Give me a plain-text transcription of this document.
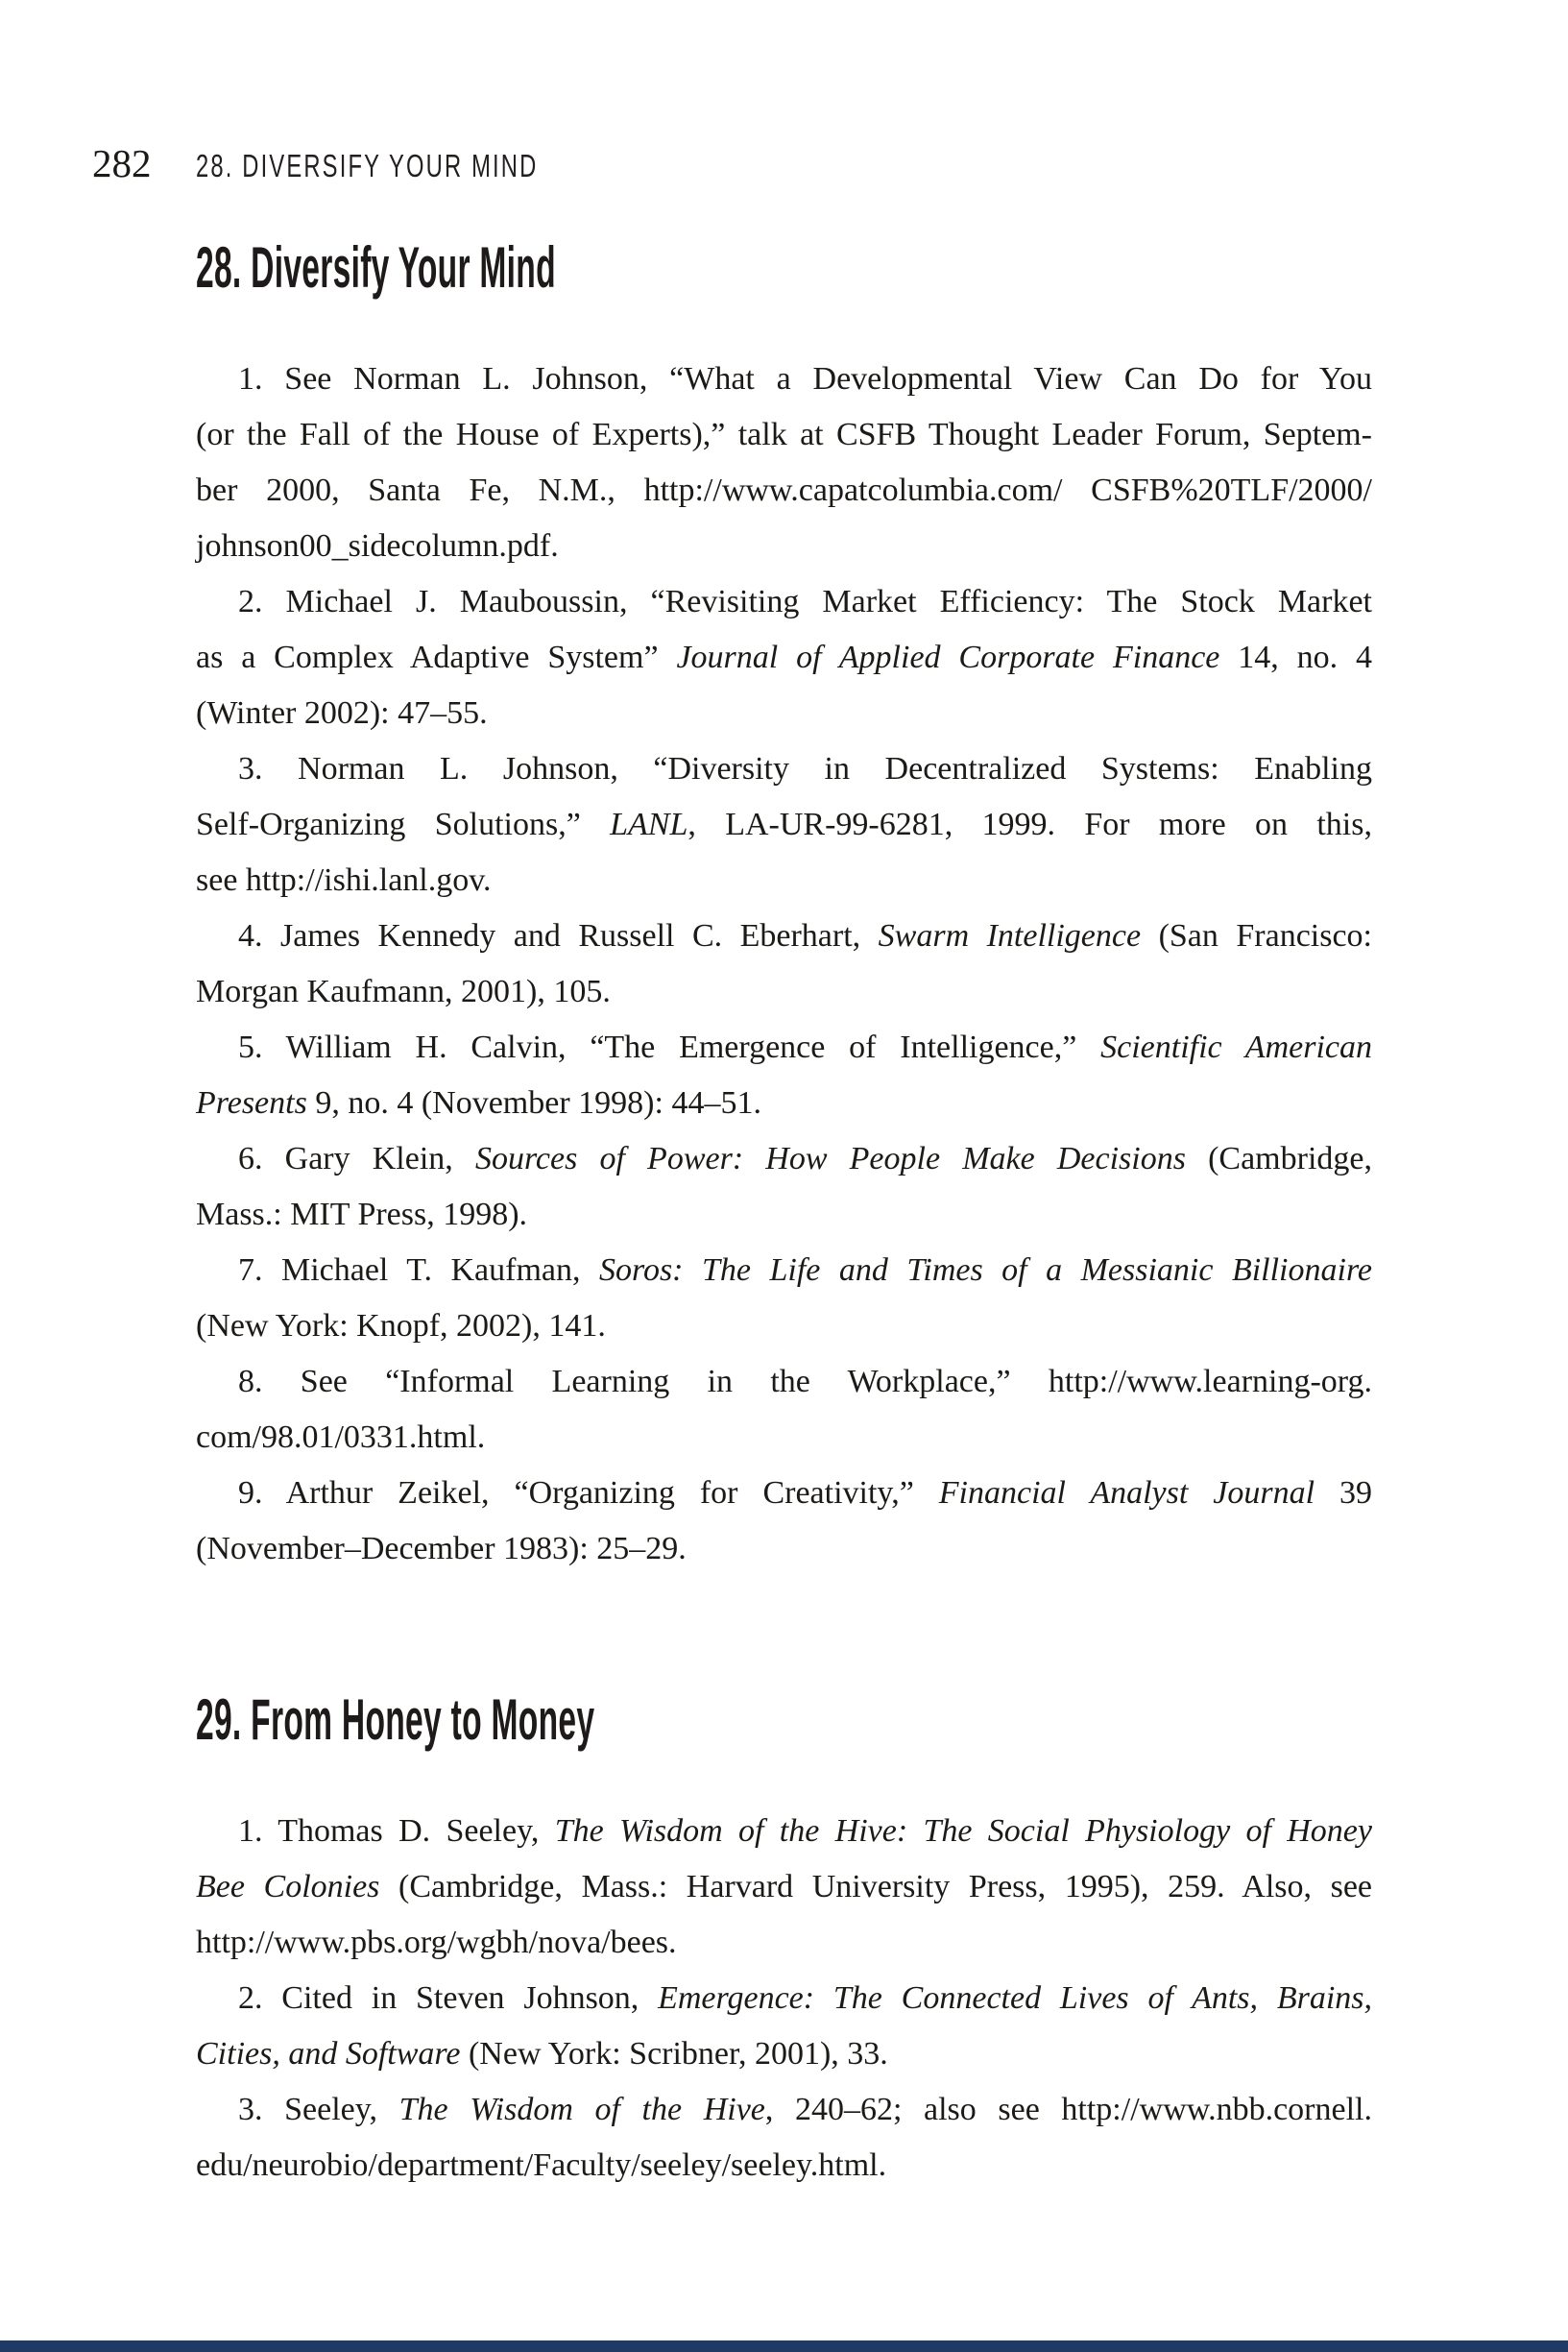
282 28. DIVERSIFY YOUR MIND
28. Diversify Your Mind
1. See Norman L. Johnson, “What a Developmental View Can Do for You
(or the Fall of the House of Experts),” talk at CSFB Thought Leader Forum, Septem-
ber 2000, Santa Fe, N.M., http://www.capatcolumbia.com/ CSFB%20TLF/2000/
johnson00_sidecolumn.pdf.
2. Michael J. Mauboussin, “Revisiting Market Efficiency: The Stock Market
as a Complex Adaptive System” Journal of Applied Corporate Finance 14, no. 4
(Winter 2002): 47–55.
3. Norman L. Johnson, “Diversity in Decentralized Systems: Enabling
Self-Organizing Solutions,” LANL, LA-UR-99-6281, 1999. For more on this,
see http://ishi.lanl.gov.
4. James Kennedy and Russell C. Eberhart, Swarm Intelligence (San Francisco:
Morgan Kaufmann, 2001), 105.
5. William H. Calvin, “The Emergence of Intelligence,” Scientific American
Presents 9, no. 4 (November 1998): 44–51.
6. Gary Klein, Sources of Power: How People Make Decisions (Cambridge,
Mass.: MIT Press, 1998).
7. Michael T. Kaufman, Soros: The Life and Times of a Messianic Billionaire
(New York: Knopf, 2002), 141.
8. See “Informal Learning in the Workplace,” http://www.learning-org.
com/98.01/0331.html.
9. Arthur Zeikel, “Organizing for Creativity,” Financial Analyst Journal 39
(November–December 1983): 25–29.
29. From Honey to Money
1. Thomas D. Seeley, The Wisdom of the Hive: The Social Physiology of Honey
Bee Colonies (Cambridge, Mass.: Harvard University Press, 1995), 259. Also, see
http://www.pbs.org/wgbh/nova/bees.
2. Cited in Steven Johnson, Emergence: The Connected Lives of Ants, Brains,
Cities, and Software (New York: Scribner, 2001), 33.
3. Seeley, The Wisdom of the Hive, 240–62; also see http://www.nbb.cornell.
edu/neurobio/department/Faculty/seeley/seeley.html.
